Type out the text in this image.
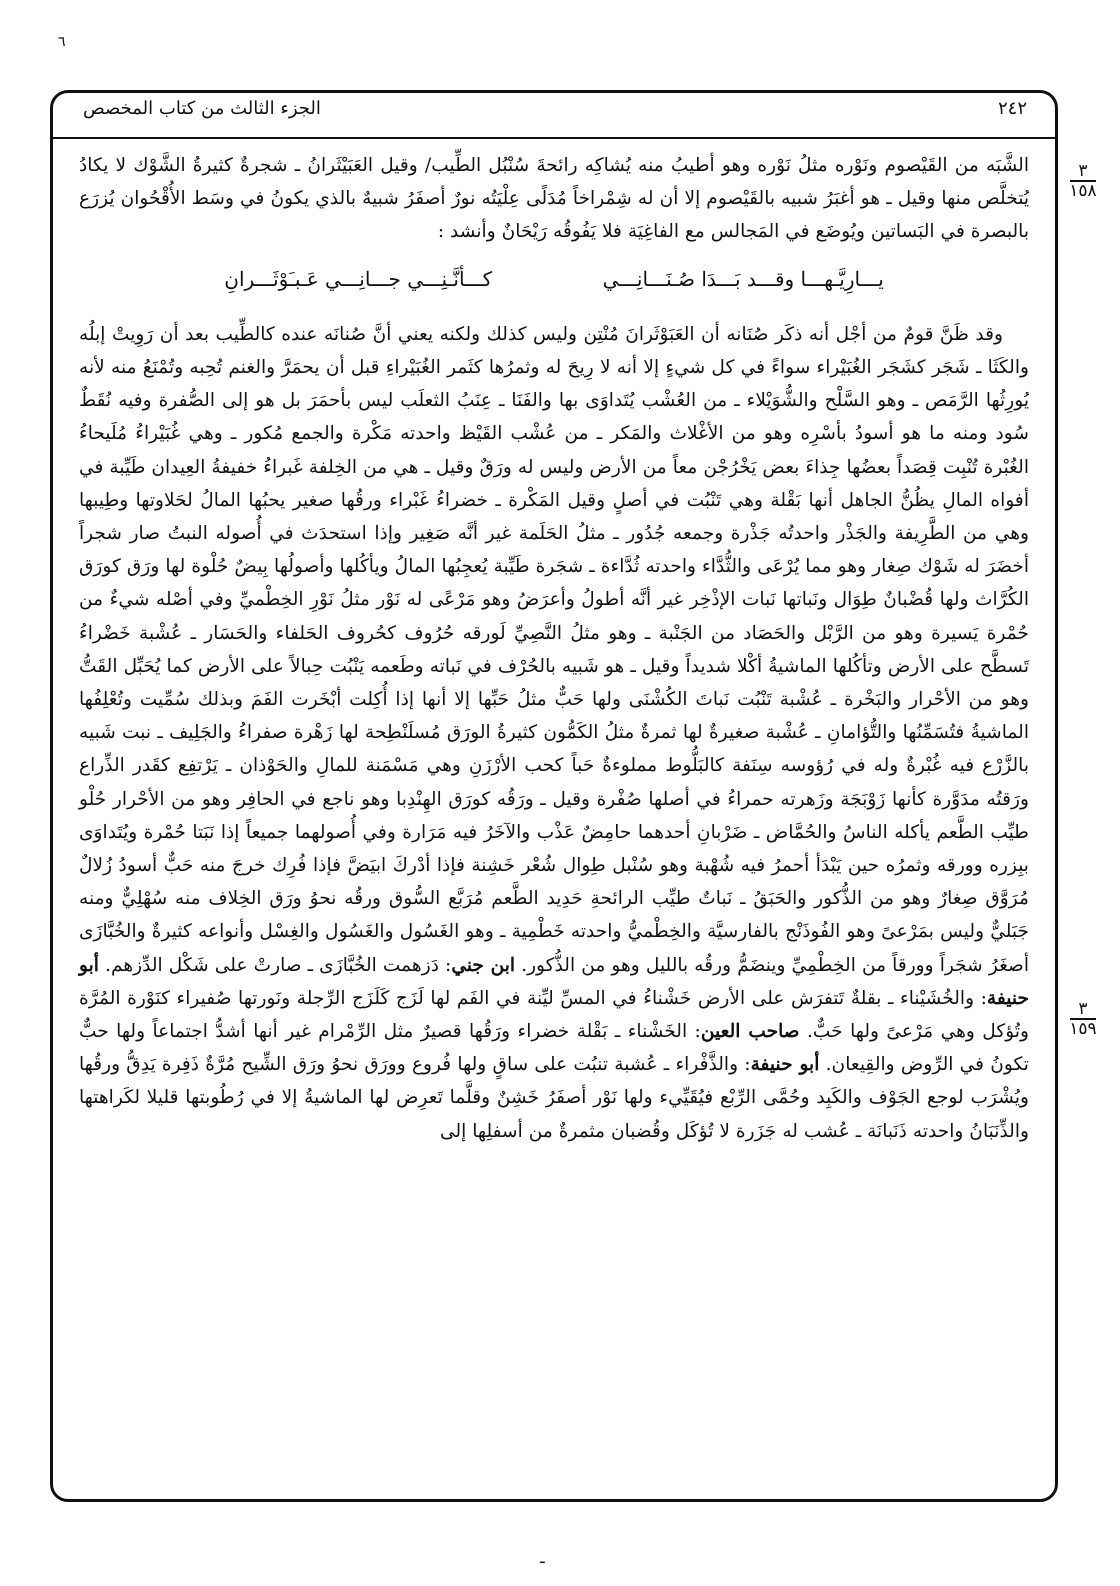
٦
الجزء الثالث من كتاب المخصص	٢٤٢

الشَّبَه من القَيْصوم ونَوْره مثلُ نَوْره وهو أطيبُ منه يُشاكِه رائحةَ سُنْبُل الطِّيب/ وقيل العَبَيْثَرانُ ـ شجرةٌ كثيرةُ الشَّوْك لا يكادُ يُتخلَّص منها وقيل ـ هو أغبَرُ شبيه بالقَيْصوم إلا أن له شِمْراخاً مُدَلًى عِلْيَتُه نورٌ أصفَرُ شبيهٌ بالذي يكونُ في وسَط الأُقْحُوان يُزرَع بالبصرة في البَساتين ويُوضَع في المَجالس مع الفاغِيَة فلا يَفُوقُه رَيْحَانٌ وأنشد :

يـــارِيَّـهـــا وقـــد بَـــدَا صُـنَـــانِـــي
كـــأنَّـنِـــي جـــانِـــي عَـبـَوْثَـــرانِ

وقد ظَنَّ قومٌ من أجْل أنه ذكَر صُنَانه أن العَبَوْثَرانَ مُنْتِن وليس كذلك ولكنه يعني أنَّ صُنانَه عنده كالطِّيب بعد أن رَوِيتْ إبلُه والكَثَا ـ شَجَر كشَجَر الغُبَيْراء سواءً في كل شيءٍ إلا أنه لا رِيحَ له وثمرُها كثَمر الغُبَيْراءِ قبل أن يحمَرَّ والغنم تُحِبه وتُمْنَعُ منه لأنه يُورِثُها الرَّمَص ـ وهو السَّلْح والشُّوَيْلاء ـ من العُشْب يُتَداوَى بها والفَنَا ـ عِنَبُ الثعلَب ليس بأحمَرَ بل هو إلى الصُّفرة وفيه نُقَطٌ سُود ومنه ما هو أسودُ بأسْرِه وهو من الأغْلاث والمَكر ـ من عُشْب القَيْظ واحدته مَكْرة والجمع مُكور ـ وهي غُبَيْراءُ مُلَيحاءُ الغُبْرة تُنْبِت قِصَداً بعضُها جِذاءَ بعض يَخْرُجْن معاً من الأرض وليس له ورَقٌ وقيل ـ هي من الخِلفة غَبراءُ خفيفةُ العِيدان طَيِّبة في أفواه المالِ يظُنُّ الجاهل أنها بَقْلة وهي تَنْبُت في أصلٍ وقيل المَكْرة ـ خضراءُ غَبْراء ورقُها صغير يحبُها المالُ لحَلاوتها وطِيبها وهي من الطَّرِيفة والجَذْر واحدتُه جَذْرة وجمعه جُدُور ـ مثلُ الحَلَمة غير أنَّه صَغِير وإذا استحدَث في أُصوله النبتُ صار شجراً أخضَرَ له شَوْك صِغار وهو مما يُرْعَى والثُّدَّاء واحدته ثُدَّاءة ـ شجَرة طَيِّبة يُعجِبُها المالُ ويأكُلها وأصولُها بِيضٌ حُلْوة لها ورَق كورَق الكُرَّاث ولها قُضْبانٌ طِوَال ونَباتها نَبات الإذْخِر غير أنَّه أطولُ وأعرَضُ وهو مَرْعًى له نَوْر مثلُ نَوْرِ الخِطْميِّ وفي أصْله شيءٌ من حُمْرة يَسيرة وهو من الرَّبْل والحَصَاد من الجَنْبة ـ وهو مثلُ النَّصِيِّ لَورقه حُرُوف كحُروف الحَلفاء والحَسَار ـ عُشْبة خَضْراءُ تَسطَّح على الأرض وتأكُلها الماشيةُ أكْلا شديداً وقيل ـ هو شَبيه بالحُرْف في نَباته وطَعمه يَنْبُت حِبالاً على الأرض كما يُحَبِّل القَتُّ وهو من الأحْرار والبَخْرة ـ عُشْبة تَنْبُت نَباتَ الكُشْنَى ولها حَبٌّ مثلُ حَبِّها إلا أنها إذا أُكِلت أبْخَرت الفَمَ وبذلك سُمِّيت وتُعْلِفُها الماشيةُ فتُسَمِّنُها والتُّؤامانِ ـ عُشْبة صغيرةٌ لها ثمرةٌ مثلُ الكَمُّون كثيرةُ الورَق مُسلَنْطِحة لها زَهْرة صفراءُ والجَلِيف ـ نبت شَبيه بالزَّرْع فيه غُبْرةٌ وله في رُؤوسه سِنَفة كالبَلُّوط مملوءةٌ حَباً كحب الأرْزَنِ وهي مَسْمَنة للمالِ والحَوْذان ـ يَرْتفِع كقَدر الذِّراع ورَقتُه مدَوَّرة كأنها زَوْبَجَة وزَهرته حمراءُ في أصلها صُفْرة وقيل ـ ورَقُه كورَق الهِنْدِبا وهو ناجع في الحافِر وهو من الأحْرار حُلْو طيِّب الطَّعم يأكله الناسُ والحُمَّاض ـ ضَرْبانِ أحدهما حامِضٌ عَذْب والآخَرُ فيه مَرَارة وفي أُصولهما جميعاً إذا نَبَتا حُمْرة ويُتَداوَى ببِزره وورقه وثمرُه حين يَبْدَأ أحمرُ فيه شُهْبة وهو سُنْبل طِوال شُعْر خَشِنة فإذا أدْركَ ابيَضَّ فإذا فُرِك خرجَ منه حَبٌّ أسودُ زُلالٌ مُرَوَّق صِغارٌ وهو من الذُّكور والحَبَقُ ـ نَباتٌ طيِّب الرائحةِ حَدِيد الطَّعم مُرَبَّع السُّوق ورقُه نحوُ ورَق الخِلاف منه سُهْلِيٌّ ومنه جَبَليٌّ وليس بمَرْعىً وهو الفُوذَنْج بالفارسيَّة والخِطْميُّ واحدته خَطْمِية ـ وهو الغَسُول والغَسُول والغِسْل وأنواعه كثيرةٌ والخُبَّازَى أصغَرُ شجَراً وورقاً من الخِطْمِيِّ وينضَمُّ ورقُه بالليل وهو من الذُّكور. ابن جني: دَزهمت الخُبَّازَى ـ صارتْ على شَكْل الدِّزهم. أبو حنيفة: والخُشَيْناء ـ بقلةٌ تَتفرَش على الأرض خَشْناءُ في المسِّ ليِّنة في الفَم لها لَزَج كَلَزَج الرِّجلة ونَورتها صُفيراء كنَوْرة المُرَّة وتُؤكل وهي مَرْعىً ولها حَبٌّ. صاحب العين: الخَشْناء ـ بَقْلة خضراء ورَقُها قصيرٌ مثل الرِّمْرام غير أنها أشدُّ اجتماعاً ولها حبٌّ تكونُ في الرِّوض والقِيعان. أبو حنيفة: والذَّفْراء ـ عُشبة تنبُت على ساقٍ ولها فُروع وورَق نحوُ ورَق الشِّيح مُرَّةٌ ذَفِرة يَدِقُّ ورقُها ويُشْرَب لوجع الجَوْف والكَبِد وحُمَّى الرِّبْع فيُقَيِّيء ولها نَوْر أصفَرُ خَشِنٌ وقلَّما تَعرِض لها الماشيةُ إلا في رُطُوبتها قليلا لكَراهتها والذِّنَبَانُ واحدته ذَنَبانَة ـ عُشب له جَزَرة لا تُؤكَل وقُضبان مثمرةٌ من أسفلِها إلى

٣
١٥٨
٣
١٥٩
ـ
